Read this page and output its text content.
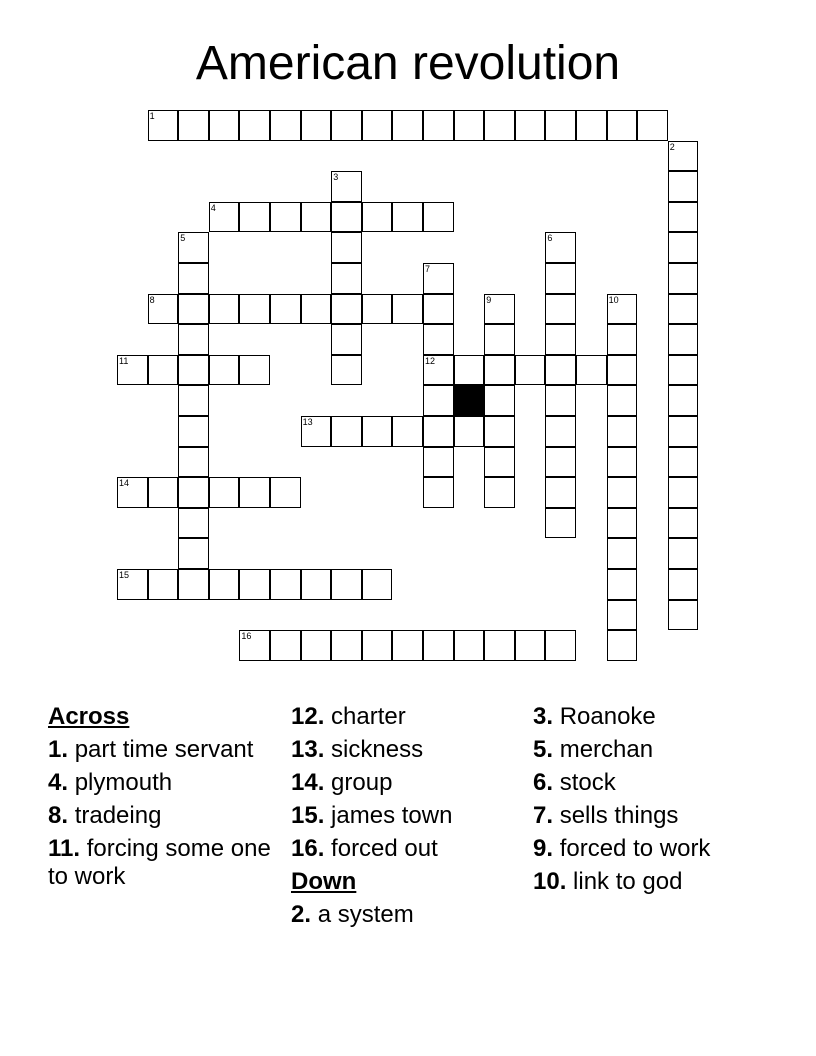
American revolution
1
4
8
11	12
13
14
15
16
2
3
5	6
7
9	10
Across
1. part time servant
4. plymouth
8. tradeing
11. forcing some one to work
12. charter
13. sickness
14. group
15. james town
16. forced out
Down
2. a system
3. Roanoke
5. merchan
6. stock
7. sells things
9. forced to work
10. link to god
